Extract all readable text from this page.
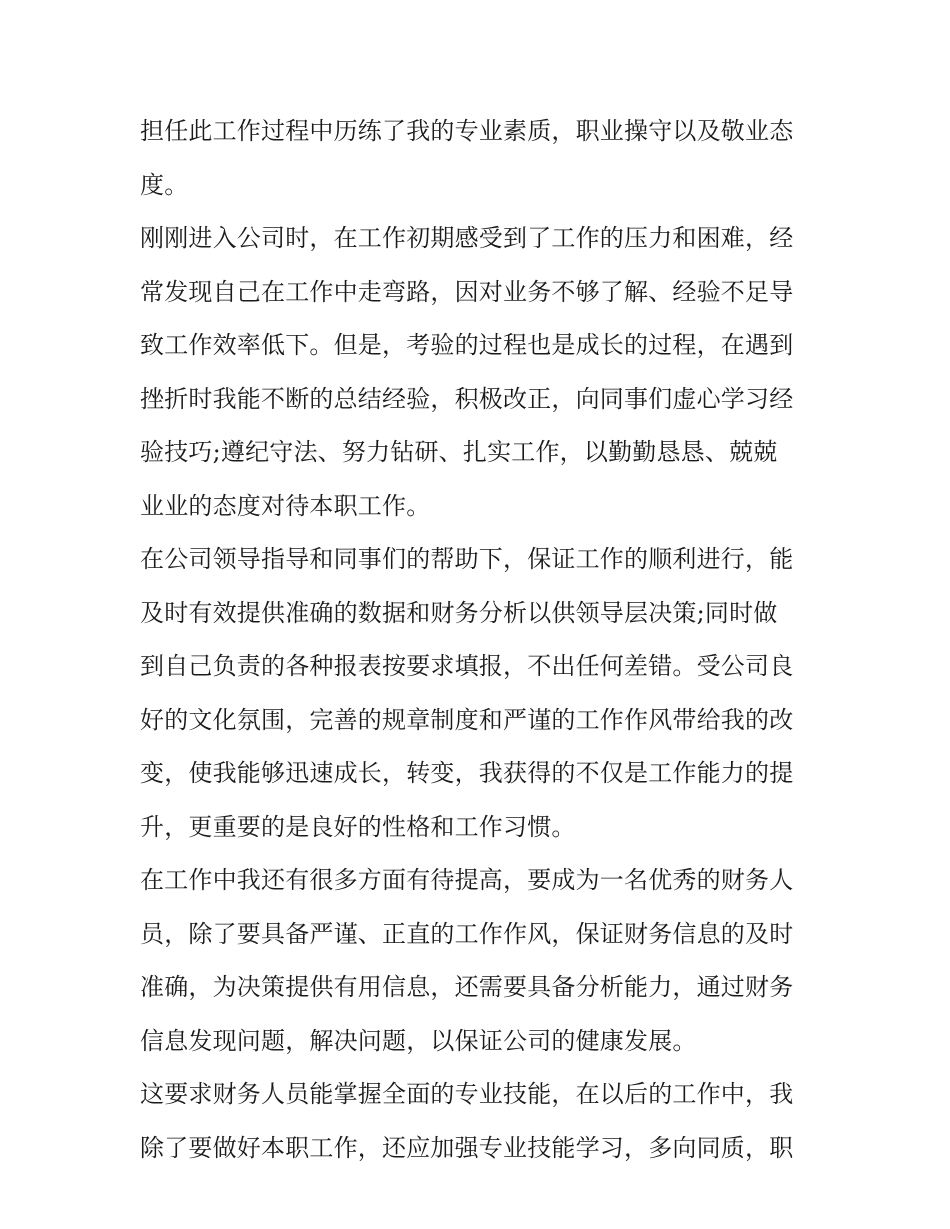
担任此工作过程中历练了我的专业素质，职业操守以及敬业态
度。
刚刚进入公司时，在工作初期感受到了工作的压力和困难，经
常发现自己在工作中走弯路，因对业务不够了解、经验不足导
致工作效率低下。但是，考验的过程也是成长的过程，在遇到
挫折时我能不断的总结经验，积极改正，向同事们虚心学习经
验技巧;遵纪守法、努力钻研、扎实工作，以勤勤恳恳、兢兢
业业的态度对待本职工作。
在公司领导指导和同事们的帮助下，保证工作的顺利进行，能
及时有效提供准确的数据和财务分析以供领导层决策;同时做
到自己负责的各种报表按要求填报，不出任何差错。受公司良
好的文化氛围，完善的规章制度和严谨的工作作风带给我的改
变，使我能够迅速成长，转变，我获得的不仅是工作能力的提
升，更重要的是良好的性格和工作习惯。
在工作中我还有很多方面有待提高，要成为一名优秀的财务人
员，除了要具备严谨、正直的工作作风，保证财务信息的及时
准确，为决策提供有用信息，还需要具备分析能力，通过财务
信息发现问题，解决问题，以保证公司的健康发展。
这要求财务人员能掌握全面的专业技能，在以后的工作中，我
除了要做好本职工作，还应加强专业技能学习，多向同质，职
